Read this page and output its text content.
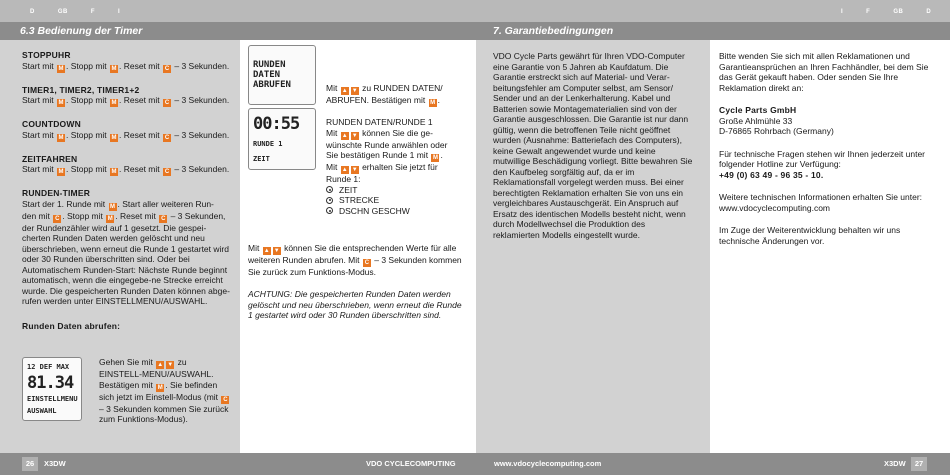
D	GB	F	I	I	F	GB	D
6.3 Bedienung der Timer	7. Garantiebedingungen
STOPPUHR
Start mit M . Stopp mit M . Reset mit C – 3 Sekunden.
TIMER1, TIMER2, TIMER1+2
Start mit M . Stopp mit M . Reset mit C – 3 Sekunden.
COUNTDOWN
Start mit M . Stopp mit M . Reset mit C – 3 Sekunden.
ZEITFAHREN
Start mit M . Stopp mit M . Reset mit C – 3 Sekunden.
RUNDEN-TIMER
Start der 1. Runde mit M . Start aller weiteren Run-
den mit C . Stopp mit M . Reset mit C – 3 Sekunden, der Rundenzähler wird auf 1 gesetzt. Die gespei-cherten Runden Daten werden gelöscht und neu überschrieben, wenn erneut die Runde 1 gestartet wird oder 30 Runden überschritten sind. Oder bei Automatischem Runden-Start: Nächste Runde beginnt automatisch, wenn die eingegebe-ne Strecke erreicht wurde. Die gespeicherten Runden Daten können abge-rufen werden unter EINSTELLMENU/AUSWAHL.
Runden Daten abrufen:
12 DEF MAX
81.34
EINSTELLMENU
AUSWAHL
Gehen Sie mit ▲ ▼ zu EINSTELL-MENU/AUSWAHL. Bestätigen mit M . Sie befinden sich jetzt im Einstell-Modus (mit C – 3 Sekunden kommen Sie zurück zum Funktions-Modus).
RUNDEN DATEN
ABRUFEN
00:55
RUNDE 1
ZEIT
Mit ▲ ▼ zu RUNDEN DATEN/ ABRUFEN. Bestätigen mit M .
RUNDEN DATEN/RUNDE 1
Mit ▲ ▼ können Sie die ge-wünschte Runde anwählen oder Sie bestätigen Runde 1 mit M .
Mit ▲ ▼ erhalten Sie jetzt für Runde 1:
ZEIT
STRECKE
DSCHN GESCHW
Mit ▲ ▼ können Sie die entsprechenden Werte für alle weiteren Runden abrufen. Mit C – 3 Sekunden kommen Sie zurück zum Funktions-Modus.
ACHTUNG: Die gespeicherten Runden Daten werden gelöscht und neu überschrieben, wenn erneut die Runde 1 gestartet wird oder 30 Runden überschritten sind.
VDO Cycle Parts gewährt für Ihren VDO-Computer eine Garantie von 5 Jahren ab Kaufdatum. Die Garantie erstreckt sich auf Material- und Verar-beitungsfehler am Computer selbst, am Sensor/ Sender und an der Lenkerhalterung. Kabel und Batterien sowie Montagematerialien sind von der Garantie ausgeschlossen. Die Garantie ist nur dann gültig, wenn die betroffenen Teile nicht geöffnet wurden (Ausnahme: Batteriefach des Computers), keine Gewalt angewendet wurde und keine mutwillige Beschädigung vorliegt. Bitte bewahren Sie den Kaufbeleg sorgfältig auf, da er im Reklamationsfall vorgelegt werden muss. Bei einer berechtigten Reklamation erhalten Sie von uns ein vergleichbares Austauschgerät. Ein Anspruch auf Ersatz des identischen Modells besteht nicht, wenn durch Modellwechsel die Produktion des reklamierten Modells eingestellt wurde.
Bitte wenden Sie sich mit allen Reklamationen und Garantieansprüchen an Ihren Fachhändler, bei dem Sie das Gerät gekauft haben. Oder senden Sie Ihre Reklamation direkt an:
Cycle Parts GmbH
Große Ahlmühle 33
D-76865 Rohrbach (Germany)
Für technische Fragen stehen wir Ihnen jederzeit unter folgender Hotline zur Verfügung:
+49 (0) 63 49 - 96 35 - 10.
Weitere technischen Informationen erhalten Sie unter: www.vdocyclecomputing.com
Im Zuge der Weiterentwicklung behalten wir uns technische Änderungen vor.
26	X3DW	VDO CYCLECOMPUTING	www.vdocyclecomputing.com	X3DW	27
